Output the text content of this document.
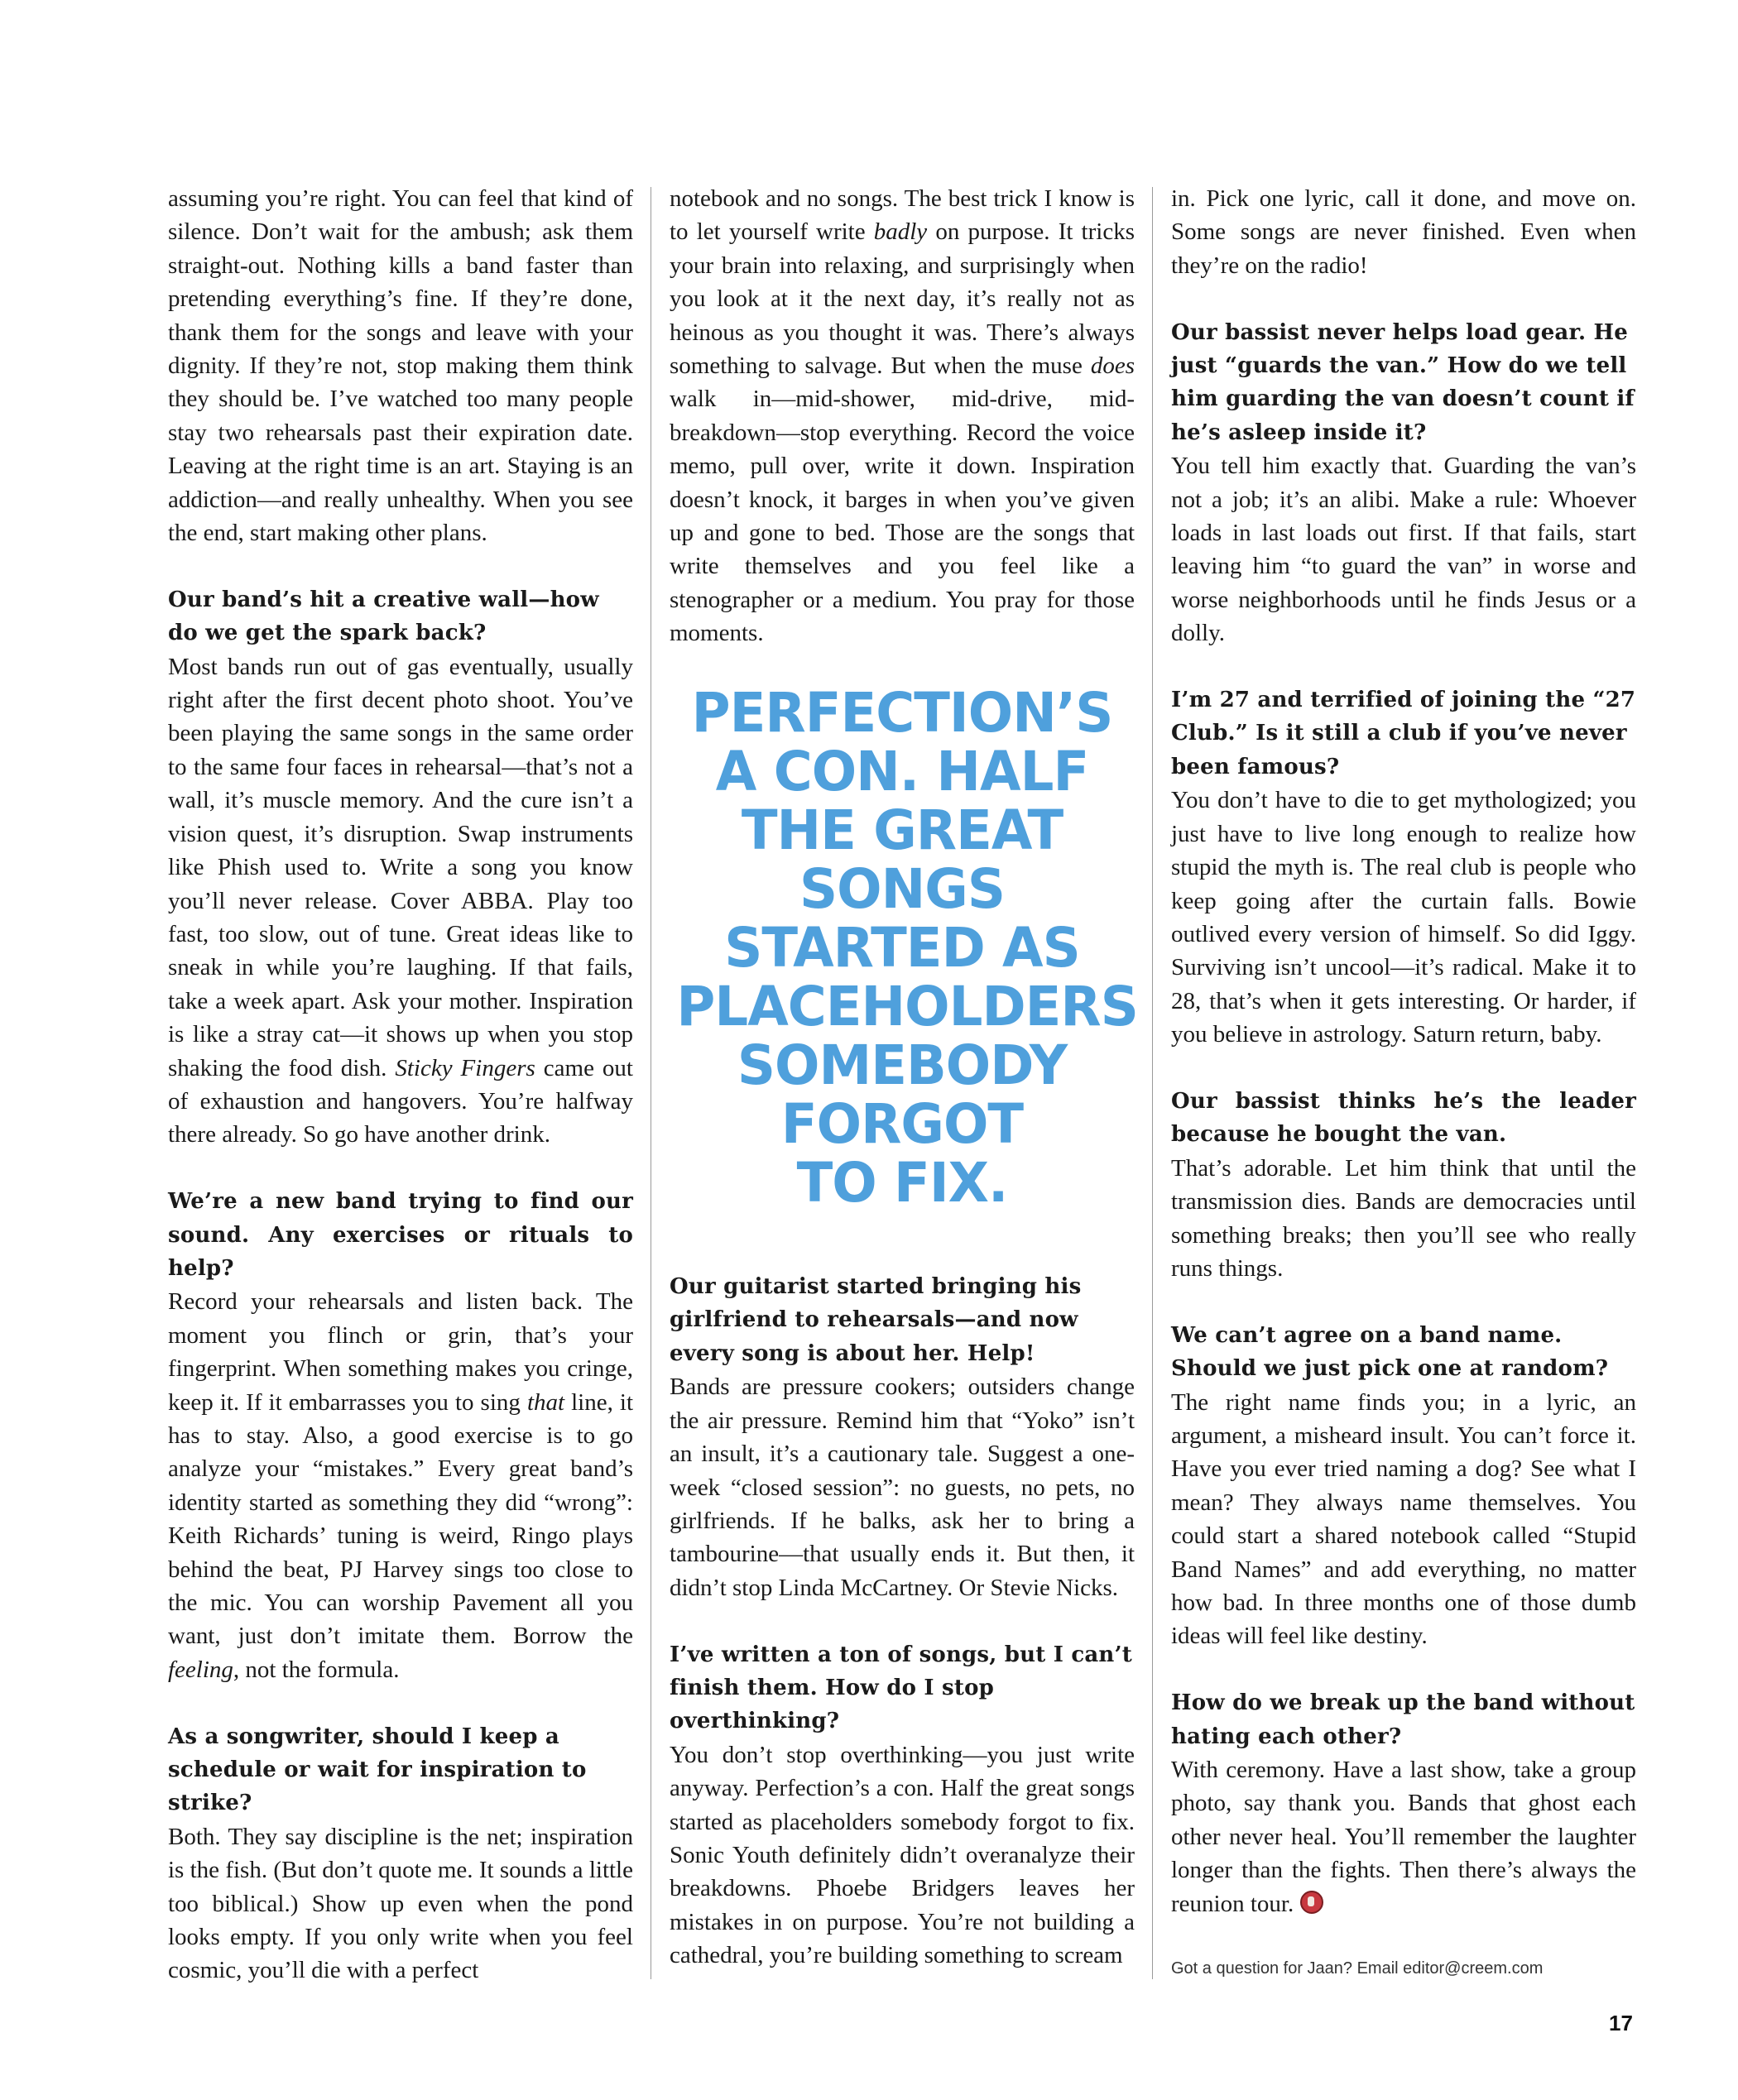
assuming you’re right. You can feel that kind of silence. Don’t wait for the ambush; ask them straight-out. Nothing kills a band faster than pretending everything’s fine. If they’re done, thank them for the songs and leave with your dignity. If they’re not, stop making them think they should be. I’ve watched too many people stay two rehearsals past their expiration date. Leaving at the right time is an art. Staying is an addiction—and really unhealthy. When you see the end, start making other plans.

Our band’s hit a creative wall—how do we get the spark back?

Most bands run out of gas eventually, usually right after the first decent photo shoot. You’ve been playing the same songs in the same order to the same four faces in rehearsal—that’s not a wall, it’s muscle memory. And the cure isn’t a vision quest, it’s disruption. Swap instruments like Phish used to. Write a song you know you’ll never release. Cover ABBA. Play too fast, too slow, out of tune. Great ideas like to sneak in while you’re laughing. If that fails, take a week apart. Ask your mother. Inspiration is like a stray cat—it shows up when you stop shaking the food dish. Sticky Fingers came out of exhaustion and hangovers. You’re halfway there already. So go have another drink.

We’re a new band trying to find our sound. Any exercises or rituals to help?

Record your rehearsals and listen back. The moment you flinch or grin, that’s your fingerprint. When something makes you cringe, keep it. If it embarrasses you to sing that line, it has to stay. Also, a good exercise is to go analyze your “mistakes.” Every great band’s identity started as something they did “wrong”: Keith Richards’ tuning is weird, Ringo plays behind the beat, PJ Harvey sings too close to the mic. You can worship Pavement all you want, just don’t imitate them. Borrow the feeling, not the formula.

As a songwriter, should I keep a schedule or wait for inspiration to strike?

Both. They say discipline is the net; inspiration is the fish. (But don’t quote me. It sounds a little too biblical.) Show up even when the pond looks empty. If you only write when you feel cosmic, you’ll die with a perfect

notebook and no songs. The best trick I know is to let yourself write badly on purpose. It tricks your brain into relaxing, and surprisingly when you look at it the next day, it’s really not as heinous as you thought it was. There’s always something to salvage. But when the muse does walk in—mid-shower, mid-drive, mid-breakdown—stop everything. Record the voice memo, pull over, write it down. Inspiration doesn’t knock, it barges in when you’ve given up and gone to bed. Those are the songs that write themselves and you feel like a stenographer or a medium. You pray for those moments.

PERFECTION’S
A CON. HALF
THE GREAT
SONGS
STARTED AS
PLACEHOLDERS
SOMEBODY
FORGOT
TO FIX.
Our guitarist started bringing his girlfriend to rehearsals—and now every song is about her. Help!

Bands are pressure cookers; outsiders change the air pressure. Remind him that “Yoko” isn’t an insult, it’s a cautionary tale. Suggest a one-week “closed session”: no guests, no pets, no girlfriends. If he balks, ask her to bring a tambourine—that usually ends it. But then, it didn’t stop Linda McCartney. Or Stevie Nicks.

I’ve written a ton of songs, but I can’t finish them. How do I stop overthinking?

You don’t stop overthinking—you just write anyway. Perfection’s a con. Half the great songs started as placeholders somebody forgot to fix. Sonic Youth definitely didn’t overanalyze their breakdowns. Phoebe Bridgers leaves her mistakes in on purpose. You’re not building a cathedral, you’re building something to scream

in. Pick one lyric, call it done, and move on. Some songs are never finished. Even when they’re on the radio!

Our bassist never helps load gear. He just “guards the van.” How do we tell him guarding the van doesn’t count if he’s asleep inside it?

You tell him exactly that. Guarding the van’s not a job; it’s an alibi. Make a rule: Whoever loads in last loads out first. If that fails, start leaving him “to guard the van” in worse and worse neighborhoods until he finds Jesus or a dolly.

I’m 27 and terrified of joining the “27 Club.” Is it still a club if you’ve never been famous?

You don’t have to die to get mythologized; you just have to live long enough to realize how stupid the myth is. The real club is people who keep going after the curtain falls. Bowie outlived every version of himself. So did Iggy. Surviving isn’t uncool—it’s radical. Make it to 28, that’s when it gets interesting. Or harder, if you believe in astrology. Saturn return, baby.

Our bassist thinks he’s the leader because he bought the van.

That’s adorable. Let him think that until the transmission dies. Bands are democracies until something breaks; then you’ll see who really runs things.

We can’t agree on a band name. Should we just pick one at random?

The right name finds you; in a lyric, an argument, a misheard insult. You can’t force it. Have you ever tried naming a dog? See what I mean? They always name themselves. You could start a shared notebook called “Stupid Band Names” and add everything, no matter how bad. In three months one of those dumb ideas will feel like destiny.

How do we break up the band without hating each other?

With ceremony. Have a last show, take a group photo, say thank you. Bands that ghost each other never heal. You’ll remember the laughter longer than the fights. Then there’s always the reunion tour.

Got a question for Jaan? Email editor@creem.com
17
